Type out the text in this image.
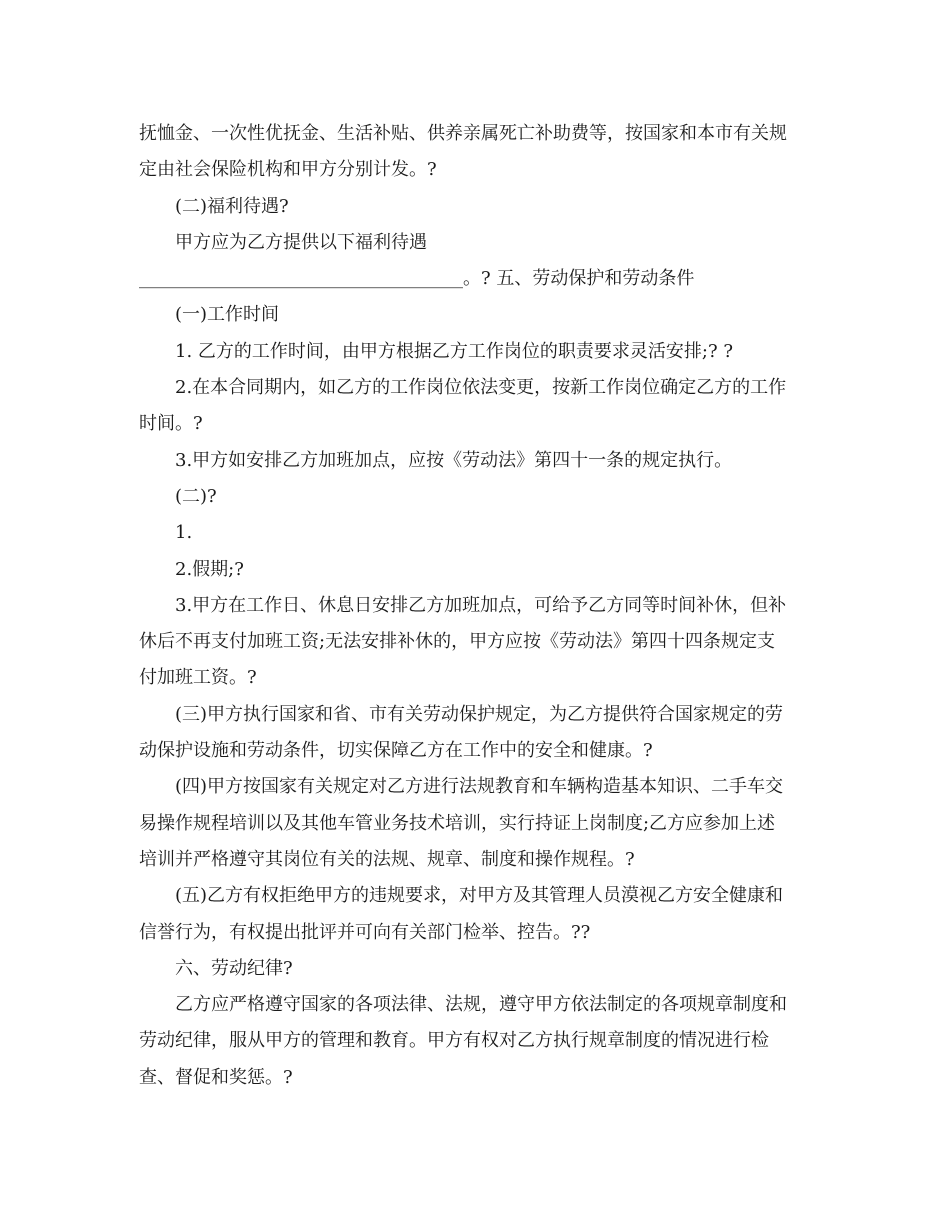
抚恤金、一次性优抚金、生活补贴、供养亲属死亡补助费等，按国家和本市有关规

定由社会保险机构和甲方分别计发。?

(二)福利待遇?

甲方应为乙方提供以下福利待遇

____________________________________。? 五、劳动保护和劳动条件

(一)工作时间

1. 乙方的工作时间，由甲方根据乙方工作岗位的职责要求灵活安排;? ?

2.在本合同期内，如乙方的工作岗位依法变更，按新工作岗位确定乙方的工作

时间。?

3.甲方如安排乙方加班加点，应按《劳动法》第四十一条的规定执行。

(二)?

1.

2.假期;?

3.甲方在工作日、休息日安排乙方加班加点，可给予乙方同等时间补休，但补

休后不再支付加班工资;无法安排补休的，甲方应按《劳动法》第四十四条规定支

付加班工资。?

(三)甲方执行国家和省、市有关劳动保护规定，为乙方提供符合国家规定的劳

动保护设施和劳动条件，切实保障乙方在工作中的安全和健康。?

(四)甲方按国家有关规定对乙方进行法规教育和车辆构造基本知识、二手车交

易操作规程培训以及其他车管业务技术培训，实行持证上岗制度;乙方应参加上述

培训并严格遵守其岗位有关的法规、规章、制度和操作规程。?

(五)乙方有权拒绝甲方的违规要求，对甲方及其管理人员漠视乙方安全健康和

信誉行为，有权提出批评并可向有关部门检举、控告。??

六、劳动纪律?

乙方应严格遵守国家的各项法律、法规，遵守甲方依法制定的各项规章制度和

劳动纪律，服从甲方的管理和教育。甲方有权对乙方执行规章制度的情况进行检

查、督促和奖惩。?
